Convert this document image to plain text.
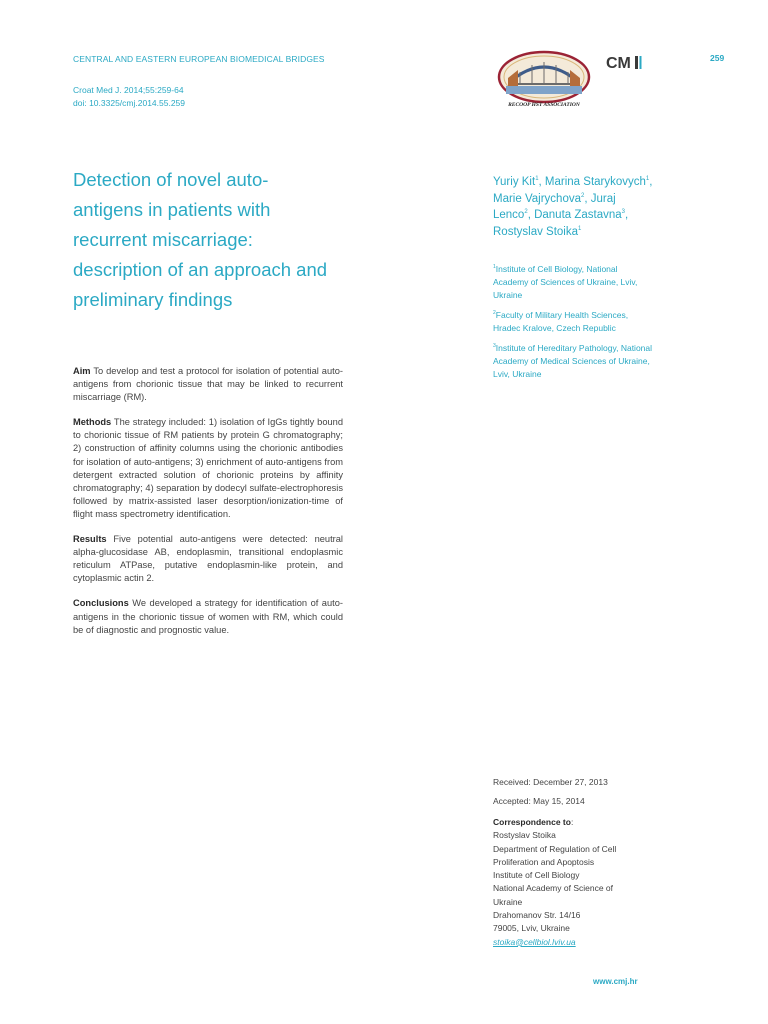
CENTRAL AND EASTERN EUROPEAN BIOMEDICAL BRIDGES
Croat Med J. 2014;55:259-64
doi: 10.3325/cmj.2014.55.259	RECOOP HST ASSOCIATION
CM	259
Detection of novel auto-
antigens in patients with
recurrent miscarriage:
description of an approach and
preliminary findings
Yuriy Kit$^1$, Marina Starykovych$^1$, Marie Vajrychova$^2$, Juraj Lenco$^2$, Danuta Zastavna$^3$, Rostyslav Stoika$^1$

$^1$Institute of Cell Biology, National Academy of Sciences of Ukraine, Lviv, Ukraine

$^2$Faculty of Military Health Sciences, Hradec Kralove, Czech Republic

$^3$Institute of Hereditary Pathology, National Academy of Medical Sciences of Ukraine, Lviv, Ukraine

Aim To develop and test a protocol for isolation of potential auto-antigens from chorionic tissue that may be linked to recurrent miscarriage (RM).

Methods The strategy included: 1) isolation of IgGs tightly bound to chorionic tissue of RM patients by protein G chromatography; 2) construction of affinity columns using the chorionic antibodies for isolation of auto-antigens; 3) enrichment of auto-antigens from detergent extracted solution of chorionic proteins by affinity chromatography; 4) separation by dodecyl sulfate-electrophoresis followed by matrix-assisted laser desorption/ionization-time of flight mass spectrometry identification.

Results Five potential auto-antigens were detected: neutral alpha-glucosidase AB, endoplasmin, transitional endoplasmic reticulum ATPase, putative endoplasmin-like protein, and cytoplasmic actin 2.

Conclusions We developed a strategy for identification of auto-antigens in the chorionic tissue of women with RM, which could be of diagnostic and prognostic value.

Received: December 27, 2013

Accepted: May 15, 2014

Correspondence to:
Rostyslav Stoika
Department of Regulation of Cell
Proliferation and Apoptosis
Institute of Cell Biology
National Academy of Science of
Ukraine
Drahomanov Str. 14/16
79005, Lviv, Ukraine
stoika@cellbiol.lviv.ua
www.cmj.hr
